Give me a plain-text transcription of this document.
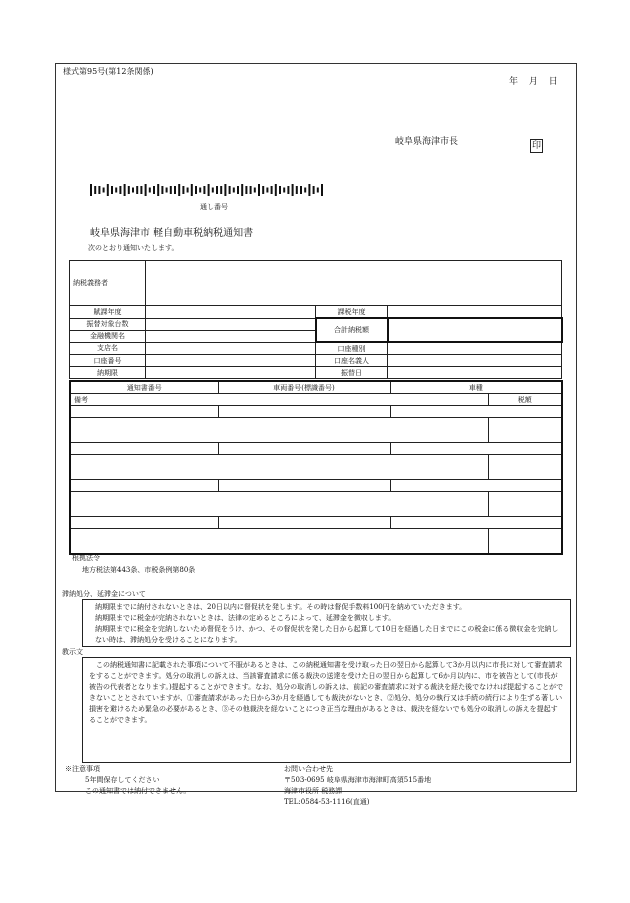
様式第95号(第12条関係)
年 月 日
岐阜県海津市長	印
通し番号
岐阜県海津市 軽自動車税納税通知書
次のとおり通知いたします。
納税義務者			
賦課年度		課税年度	
振替対象台数		合計納税額	
金融機関名			
支店名		口座種別	
口座番号		口座名義人	
納期限		振替日	
通知書番号	車両番号(標識番号)	車種	
備考			税額

根拠法令
地方税法第443条、市税条例第80条
滞納処分、延滞金について
納期限までに納付されないときは、20日以内に督促状を発します。その時は督促手数料100円を納めていただきます。
納期限までに税金が完納されないときは、法律の定めるところによって、延滞金を徴収します。
納期限までに税金を完納しないため督促をうけ、かつ、その督促状を発した日から起算して10日を経過した日までにこの税金に係る徴収金を完納しない時は、滞納処分を受けることになります。
教示文
この納税通知書に記載された事項について不服があるときは、この納税通知書を受け取った日の翌日から起算して3か月以内に市長に対して審査請求をすることができます。処分の取消しの訴えは、当該審査請求に係る裁決の送達を受けた日の翌日から起算して6か月以内に、市を被告として(市長が被告の代表者となります。)提起することができます。なお、処分の取消しの訴えは、前記の審査請求に対する裁決を経た後でなければ提起することができないこととされていますが、①審査請求があった日から3か月を経過しても裁決がないとき、②処分、処分の執行又は手続の続行により生ずる著しい損害を避けるため緊急の必要があるとき、③その他裁決を経ないことにつき正当な理由があるときは、裁決を経ないでも処分の取消しの訴えを提起することができます。
※注意事項
5年間保存してください
この通知書では納付できません。
お問い合わせ先
〒503-0695 岐阜県海津市海津町高須515番地
海津市役所 税務課
TEL:0584-53-1116(直通)
